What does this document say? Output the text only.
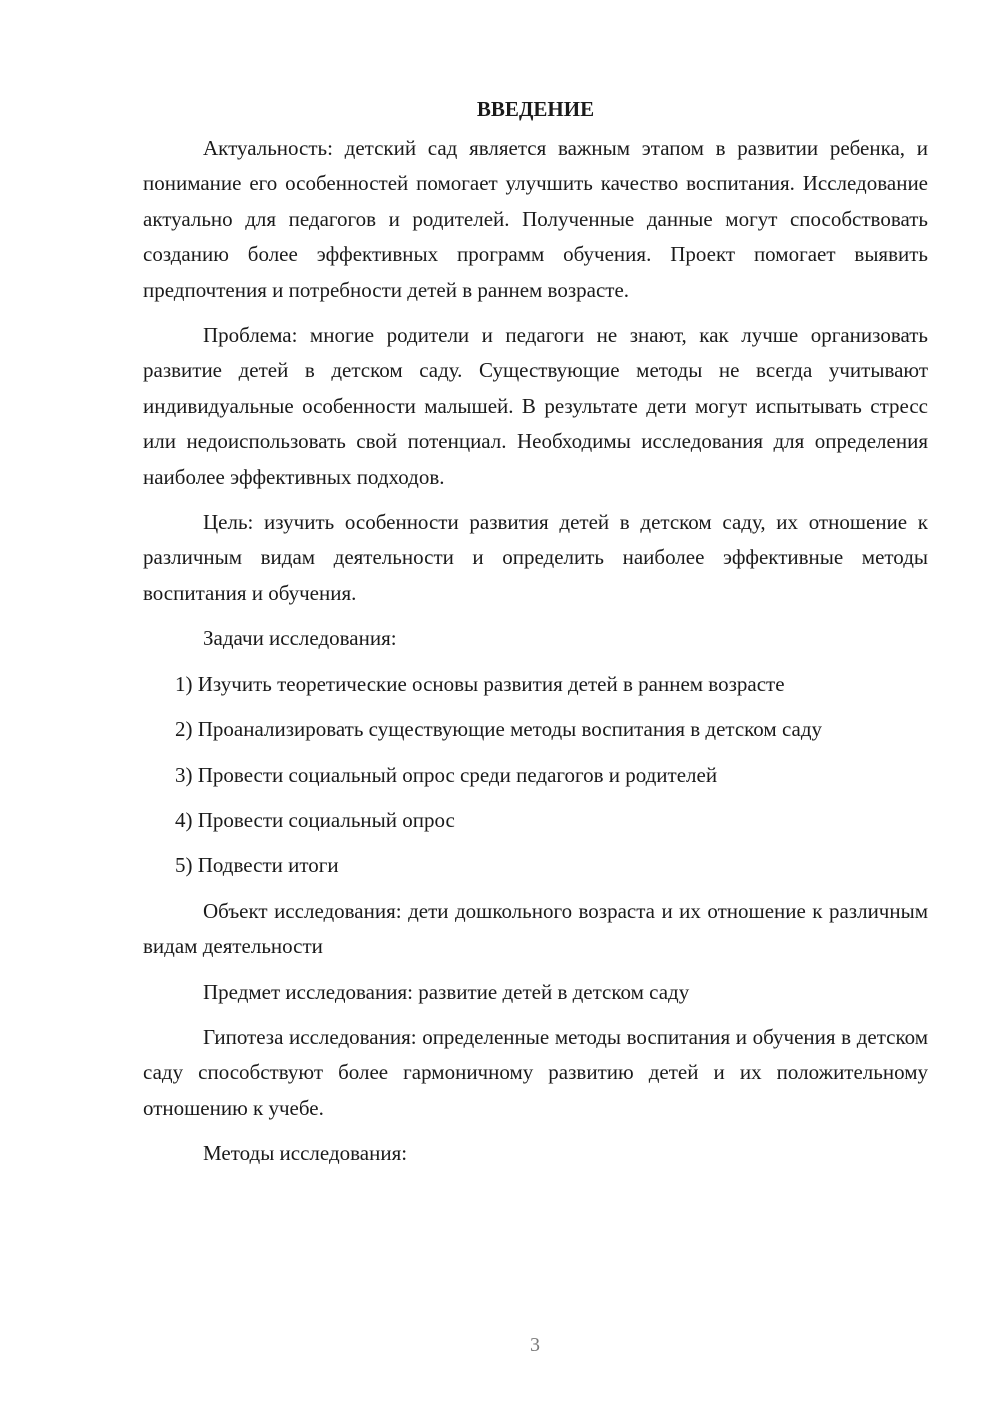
ВВЕДЕНИЕ

Актуальность: детский сад является важным этапом в развитии ребенка, и понимание его особенностей помогает улучшить качество воспитания. Исследование актуально для педагогов и родителей. Полученные данные могут способствовать созданию более эффективных программ обучения. Проект помогает выявить предпочтения и потребности детей в раннем возрасте.

Проблема: многие родители и педагоги не знают, как лучше организовать развитие детей в детском саду. Существующие методы не всегда учитывают индивидуальные особенности малышей. В результате дети могут испытывать стресс или недоиспользовать свой потенциал. Необходимы исследования для определения наиболее эффективных подходов.

Цель: изучить особенности развития детей в детском саду, их отношение к различным видам деятельности и определить наиболее эффективные методы воспитания и обучения.

Задачи исследования:

1) Изучить теоретические основы развития детей в раннем возрасте

2) Проанализировать существующие методы воспитания в детском саду

3) Провести социальный опрос среди педагогов и родителей

4) Провести социальный опрос

5) Подвести итоги

Объект исследования: дети дошкольного возраста и их отношение к различным видам деятельности

Предмет исследования: развитие детей в детском саду

Гипотеза исследования: определенные методы воспитания и обучения в детском саду способствуют более гармоничному развитию детей и их положительному отношению к учебе.

Методы исследования:

3
